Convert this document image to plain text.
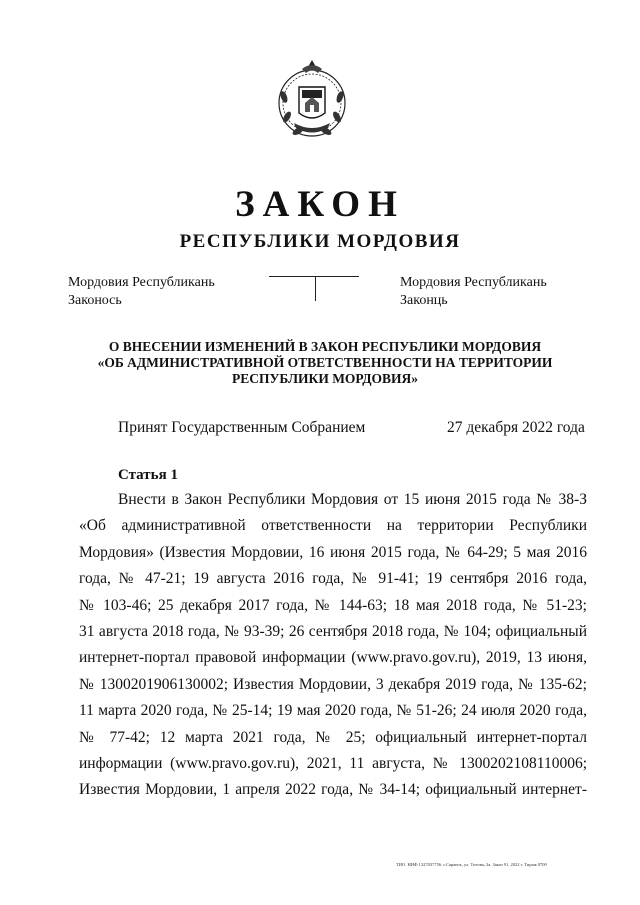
ЗАКОН
РЕСПУБЛИКИ МОРДОВИЯ
Мордовия Республикань
Законось
Мордовия Республикань
Законць
О ВНЕСЕНИИ ИЗМЕНЕНИЙ В ЗАКОН РЕСПУБЛИКИ МОРДОВИЯ
«ОБ АДМИНИСТРАТИВНОЙ ОТВЕТСТВЕННОСТИ НА ТЕРРИТОРИИ
РЕСПУБЛИКИ МОРДОВИЯ»
Принят Государственным Собранием	27 декабря 2022 года
Статья 1
Внести в Закон Республики Мордовия от 15 июня 2015 года № 38-З
«Об административной ответственности на территории Республики
Мордовия» (Известия Мордовии, 16 июня 2015 года, № 64-29; 5 мая 2016
года, № 47-21; 19 августа 2016 года, № 91-41; 19 сентября 2016 года,
№ 103-46; 25 декабря 2017 года, № 144-63; 18 мая 2018 года, № 51-23;
31 августа 2018 года, № 93-39; 26 сентября 2018 года, № 104; официальный
интернет-портал правовой информации (www.pravo.gov.ru), 2019, 13 июня,
№ 1300201906130002; Известия Мордовии, 3 декабря 2019 года, № 135-62;
11 марта 2020 года, № 25-14; 19 мая 2020 года, № 51-26; 24 июля 2020 года,
№ 77-42; 12 марта 2021 года, № 25; официальный интернет-портал
информации (www.pravo.gov.ru), 2021, 11 августа, № 1300202108110006;
Известия Мордовии, 1 апреля 2022 года, № 34-14; официальный интернет-
ТИО. НИФ 1327037756. г.Саранск, ул. Титова, 2а. Заказ 91. 2022 г. Тираж 0700
